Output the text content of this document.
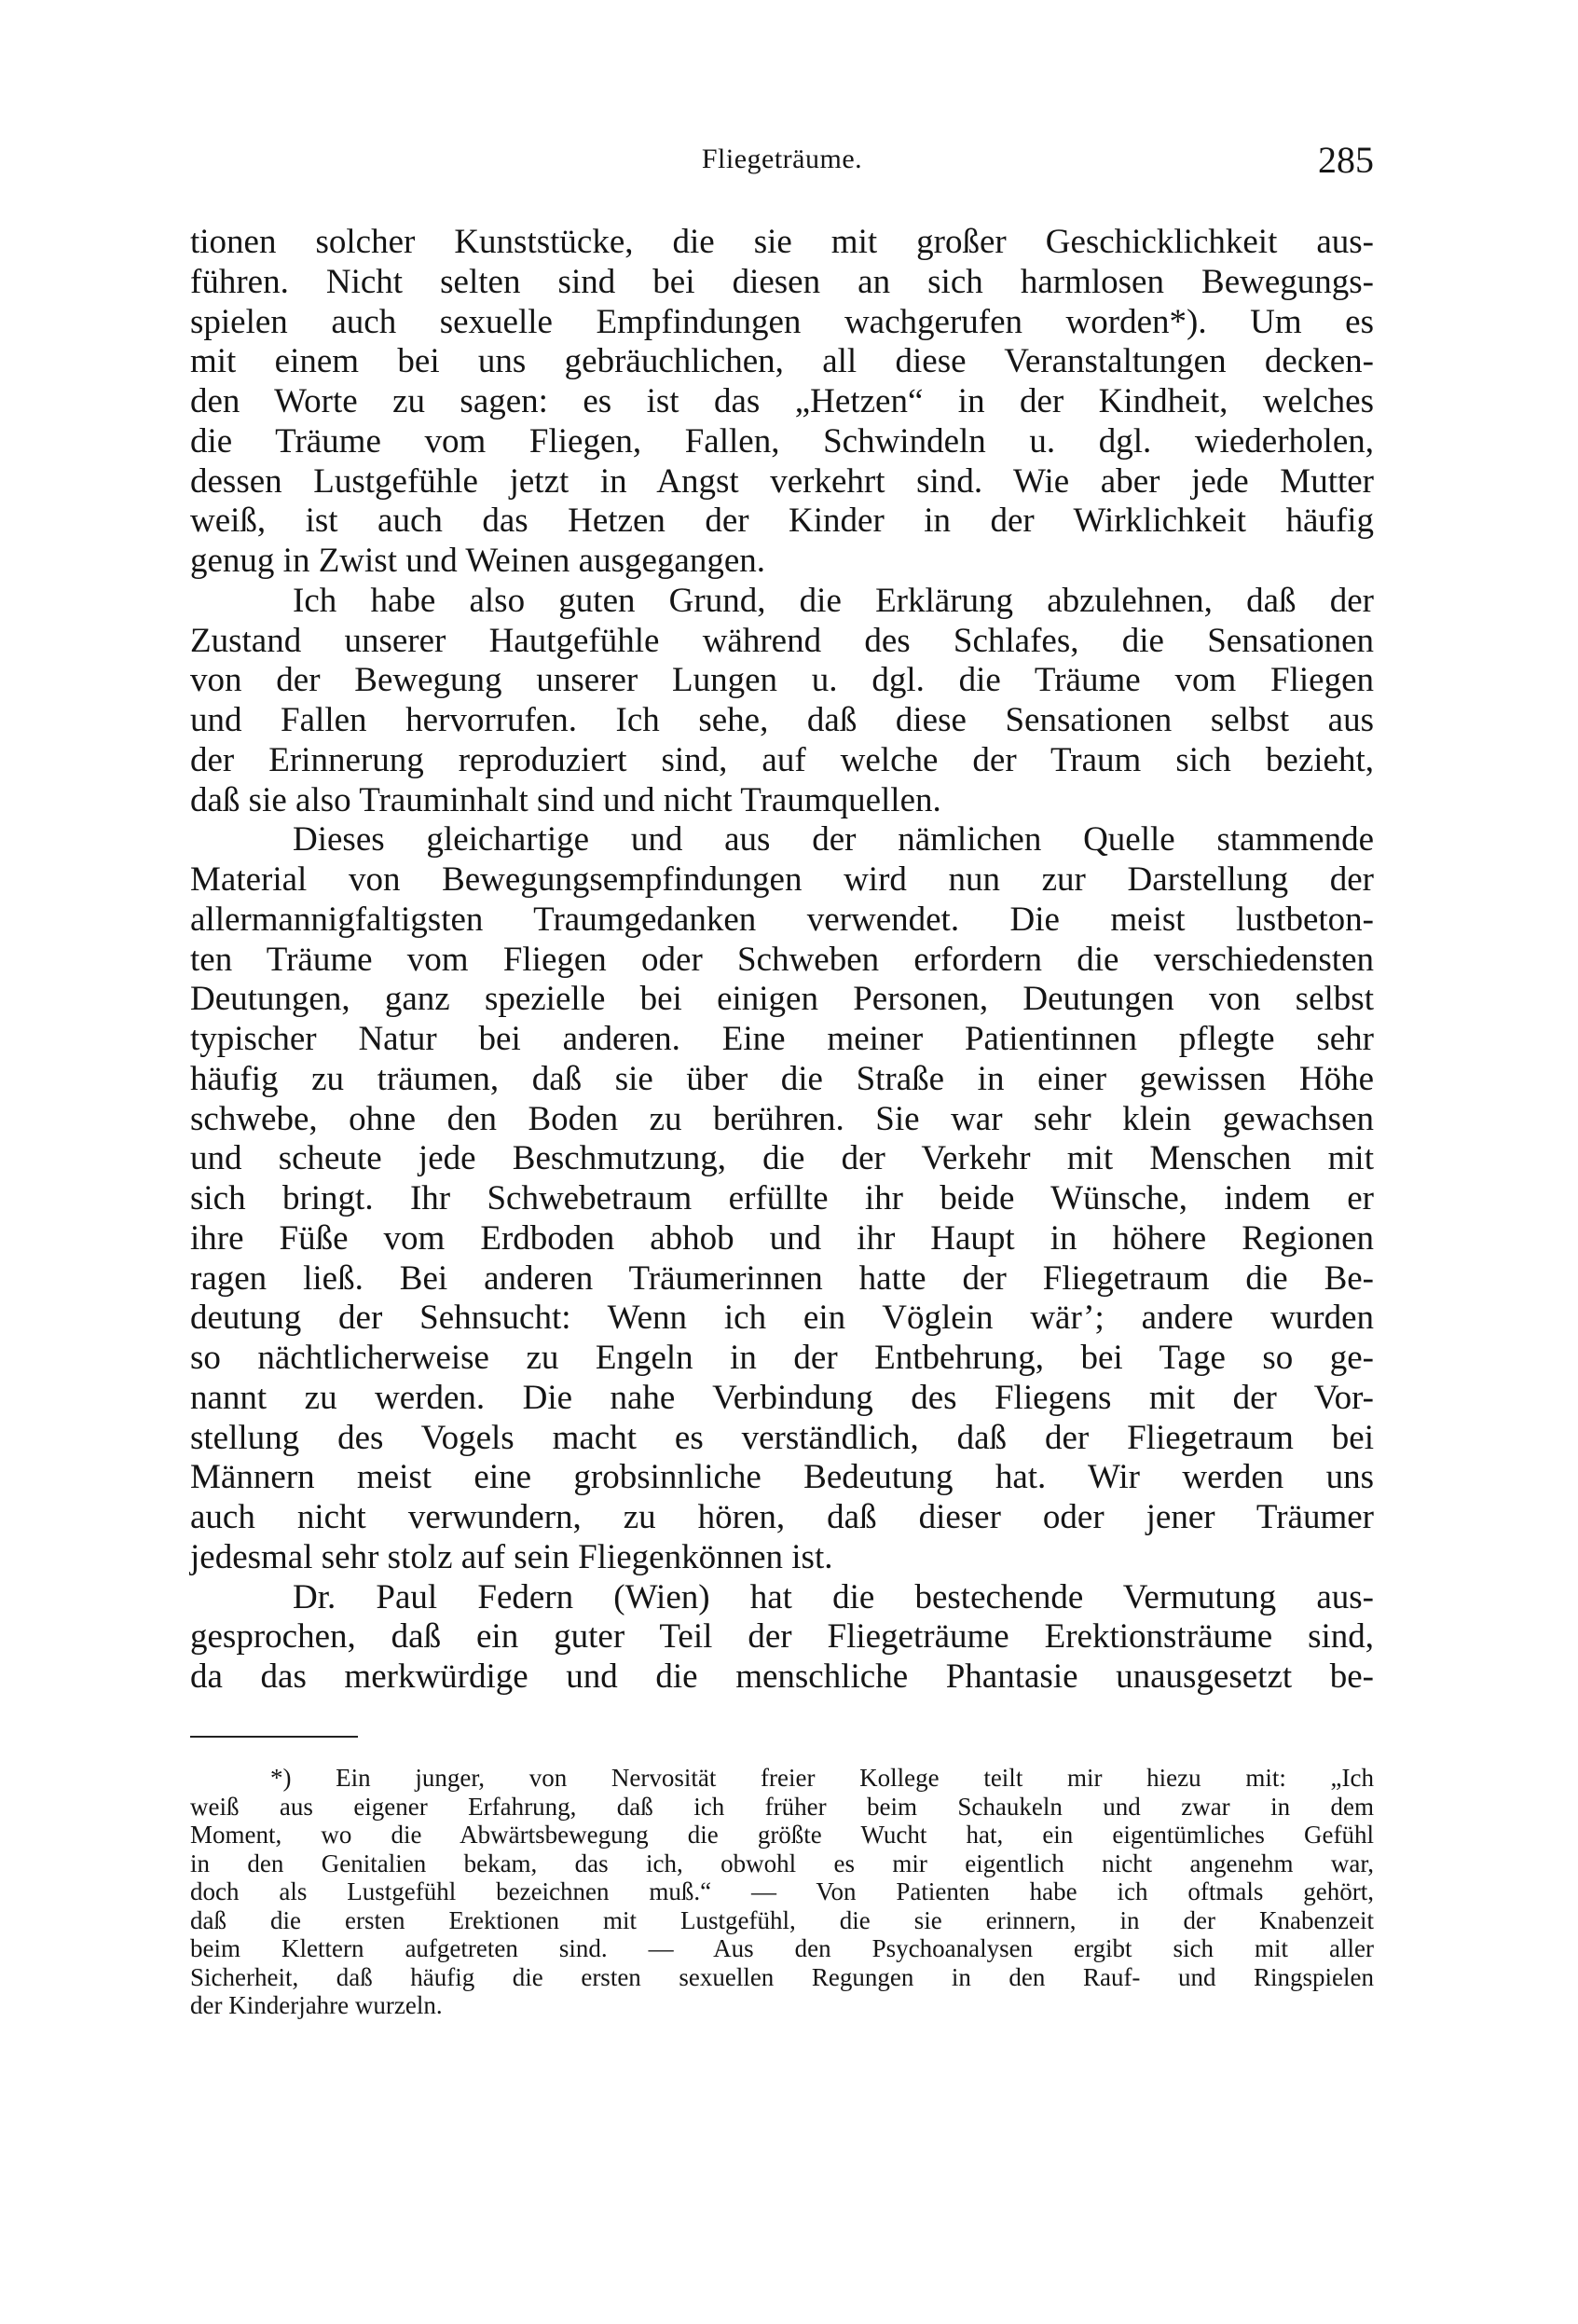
Fliegeträume.	285
tionen solcher Kunststücke, die sie mit großer Geschicklichkeit aus-
führen. Nicht selten sind bei diesen an sich harmlosen Bewegungs-
spielen auch sexuelle Empfindungen wachgerufen worden*). Um es
mit einem bei uns gebräuchlichen, all diese Veranstaltungen decken-
den Worte zu sagen: es ist das „Hetzen“ in der Kindheit, welches
die Träume vom Fliegen, Fallen, Schwindeln u. dgl. wiederholen,
dessen Lustgefühle jetzt in Angst verkehrt sind. Wie aber jede Mutter
weiß, ist auch das Hetzen der Kinder in der Wirklichkeit häufig
genug in Zwist und Weinen ausgegangen.
Ich habe also guten Grund, die Erklärung abzulehnen, daß der
Zustand unserer Hautgefühle während des Schlafes, die Sensationen
von der Bewegung unserer Lungen u. dgl. die Träume vom Fliegen
und Fallen hervorrufen. Ich sehe, daß diese Sensationen selbst aus
der Erinnerung reproduziert sind, auf welche der Traum sich bezieht,
daß sie also Trauminhalt sind und nicht Traumquellen.
Dieses gleichartige und aus der nämlichen Quelle stammende
Material von Bewegungsempfindungen wird nun zur Darstellung der
allermannigfaltigsten Traumgedanken verwendet. Die meist lustbeton-
ten Träume vom Fliegen oder Schweben erfordern die verschiedensten
Deutungen, ganz spezielle bei einigen Personen, Deutungen von selbst
typischer Natur bei anderen. Eine meiner Patientinnen pflegte sehr
häufig zu träumen, daß sie über die Straße in einer gewissen Höhe
schwebe, ohne den Boden zu berühren. Sie war sehr klein gewachsen
und scheute jede Beschmutzung, die der Verkehr mit Menschen mit
sich bringt. Ihr Schwebetraum erfüllte ihr beide Wünsche, indem er
ihre Füße vom Erdboden abhob und ihr Haupt in höhere Regionen
ragen ließ. Bei anderen Träumerinnen hatte der Fliegetraum die Be-
deutung der Sehnsucht: Wenn ich ein Vöglein wär’; andere wurden
so nächtlicherweise zu Engeln in der Entbehrung, bei Tage so ge-
nannt zu werden. Die nahe Verbindung des Fliegens mit der Vor-
stellung des Vogels macht es verständlich, daß der Fliegetraum bei
Männern meist eine grobsinnliche Bedeutung hat. Wir werden uns
auch nicht verwundern, zu hören, daß dieser oder jener Träumer
jedesmal sehr stolz auf sein Fliegenkönnen ist.
Dr. Paul Federn (Wien) hat die bestechende Vermutung aus-
gesprochen, daß ein guter Teil der Fliegeträume Erektionsträume sind,
da das merkwürdige und die menschliche Phantasie unausgesetzt be-
*) Ein junger, von Nervosität freier Kollege teilt mir hiezu mit: „Ich
weiß aus eigener Erfahrung, daß ich früher beim Schaukeln und zwar in dem
Moment, wo die Abwärtsbewegung die größte Wucht hat, ein eigentümliches Gefühl
in den Genitalien bekam, das ich, obwohl es mir eigentlich nicht angenehm war,
doch als Lustgefühl bezeichnen muß.“ — Von Patienten habe ich oftmals gehört,
daß die ersten Erektionen mit Lustgefühl, die sie erinnern, in der Knabenzeit
beim Klettern aufgetreten sind. — Aus den Psychoanalysen ergibt sich mit aller
Sicherheit, daß häufig die ersten sexuellen Regungen in den Rauf- und Ringspielen
der Kinderjahre wurzeln.
